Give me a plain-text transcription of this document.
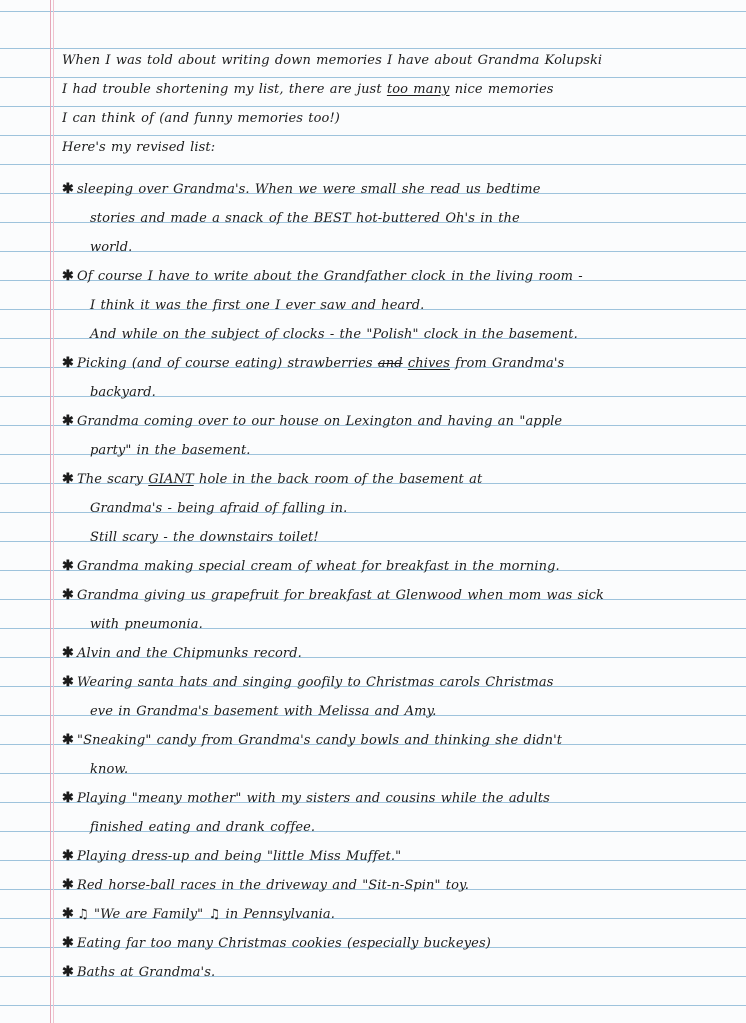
When I was told about writing down memories I have about Grandma Kolupski
I had trouble shortening my list, there are just too many nice memories
I can think of (and funny memories too!)
Here's my revised list:
✱ sleeping over Grandma's. When we were small she read us bedtime
stories and made a snack of the BEST hot-buttered Oh's in the
world.
✱ Of course I have to write about the Grandfather clock in the living room -
I think it was the first one I ever saw and heard.
And while on the subject of clocks - the "Polish" clock in the basement.
✱ Picking (and of course eating) strawberries and chives from Grandma's
backyard.
✱ Grandma coming over to our house on Lexington and having an "apple
party" in the basement.
✱ The scary GIANT hole in the back room of the basement at
Grandma's - being afraid of falling in.
Still scary - the downstairs toilet!
✱ Grandma making special cream of wheat for breakfast in the morning.
✱ Grandma giving us grapefruit for breakfast at Glenwood when mom was sick
with pneumonia.
✱ Alvin and the Chipmunks record.
✱ Wearing santa hats and singing goofily to Christmas carols Christmas
eve in Grandma's basement with Melissa and Amy.
✱ "Sneaking" candy from Grandma's candy bowls and thinking she didn't
know.
✱ Playing "meany mother" with my sisters and cousins while the adults
finished eating and drank coffee.
✱ Playing dress-up and being "little Miss Muffet."
✱ Red horse-ball races in the driveway and "Sit-n-Spin" toy.
✱ ♫ "We are Family" ♫ in Pennsylvania.
✱ Eating far too many Christmas cookies (especially buckeyes)
✱ Baths at Grandma's.
